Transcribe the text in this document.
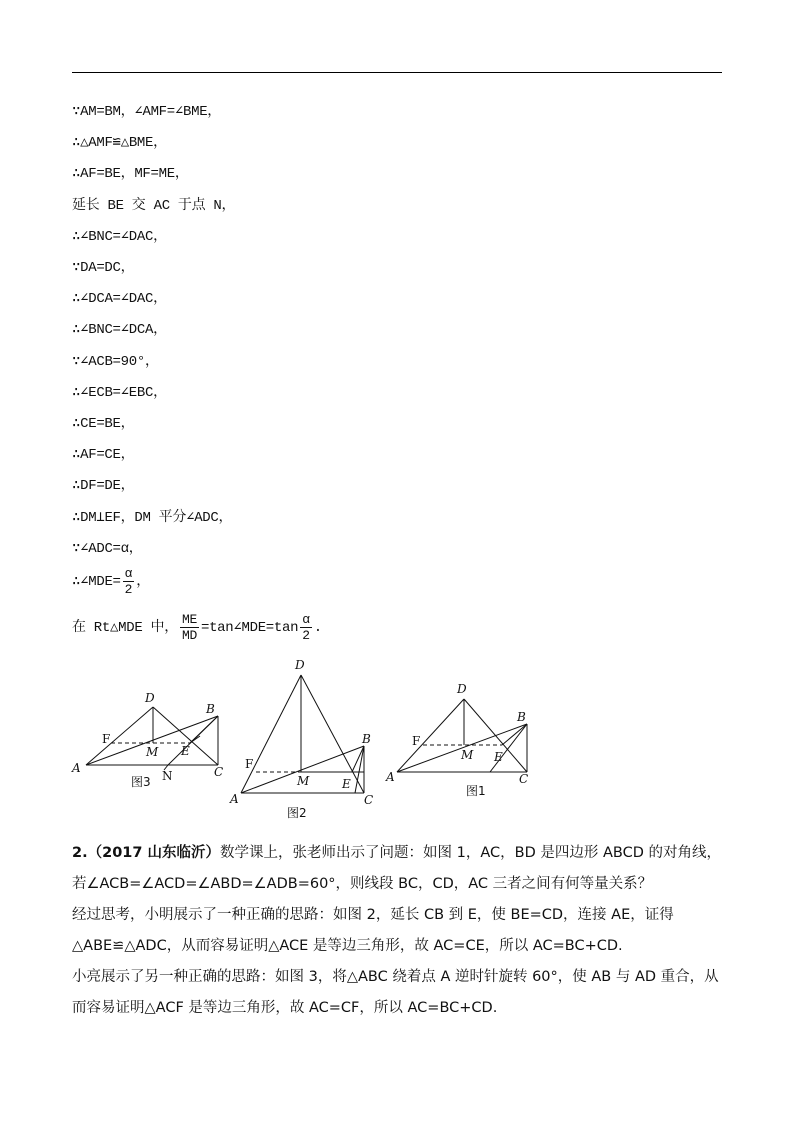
∵AM=BM，∠AMF=∠BME，
∴△AMF≌△BME，
∴AF=BE，MF=ME，
延长 BE 交 AC 于点 N，
∴∠BNC=∠DAC，
∵DA=DC，
∴∠DCA=∠DAC，
∴∠BNC=∠DCA，
∵∠ACB=90°，
∴∠ECB=∠EBC，
∴CE=BE，
∴AF=CE，
∴DF=DE，
∴DM⊥EF，DM 平分∠ADC，
∵∠ADC=α，
∴∠MDE= $\frac{\alpha}{2}$ ，
在 Rt△MDE 中， $\frac{ME}{MD}$ =tan∠MDE=tan $\frac{\alpha}{2}$ .
D
B
F
M E
A
N	C
图3
D
B
F
M	E
A	C
图2
D
B
F
M E
A	C
图1
2.（2017 山东临沂）数学课上，张老师出示了问题：如图 1，AC，BD 是四边形 ABCD 的对角线，若∠ACB=∠ACD=∠ABD=∠ADB=60°，则线段 BC，CD，AC 三者之间有何等量关系？
经过思考，小明展示了一种正确的思路：如图 2，延长 CB 到 E，使 BE=CD，连接 AE，证得△ABE≌△ADC，从而容易证明△ACE 是等边三角形，故 AC=CE，所以 AC=BC+CD.
小亮展示了另一种正确的思路：如图 3，将△ABC 绕着点 A 逆时针旋转 60°，使 AB 与 AD 重合，从而容易证明△ACF 是等边三角形，故 AC=CF，所以 AC=BC+CD.
